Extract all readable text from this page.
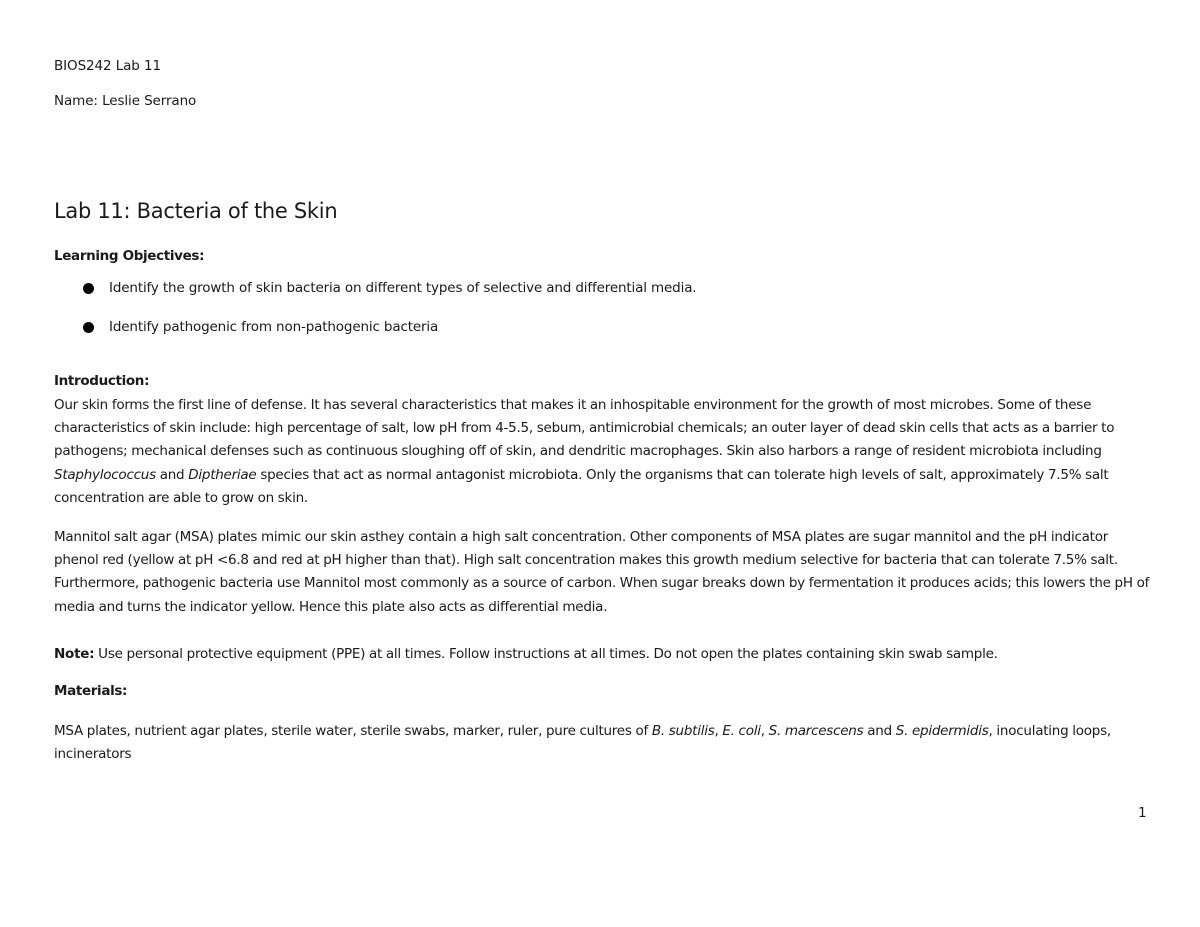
BIOS242 Lab 11
Name: Leslie Serrano
Lab 11: Bacteria of the Skin
Learning Objectives:
Identify the growth of skin bacteria on different types of selective and differential media.
Identify pathogenic from non-pathogenic bacteria
Introduction:
Our skin forms the first line of defense. It has several characteristics that makes it an inhospitable environment for the growth of most microbes. Some of these characteristics of skin include: high percentage of salt, low pH from 4-5.5, sebum, antimicrobial chemicals; an outer layer of dead skin cells that acts as a barrier to pathogens; mechanical defenses such as continuous sloughing off of skin, and dendritic macrophages. Skin also harbors a range of resident microbiota including Staphylococcus and Diptheriae species that act as normal antagonist microbiota. Only the organisms that can tolerate high levels of salt, approximately 7.5% salt concentration are able to grow on skin.
Mannitol salt agar (MSA) plates mimic our skin asthey contain a high salt concentration. Other components of MSA plates are sugar mannitol and the pH indicator phenol red (yellow at pH <6.8 and red at pH higher than that). High salt concentration makes this growth medium selective for bacteria that can tolerate 7.5% salt. Furthermore, pathogenic bacteria use Mannitol most commonly as a source of carbon. When sugar breaks down by fermentation it produces acids; this lowers the pH of media and turns the indicator yellow. Hence this plate also acts as differential media.
Note: Use personal protective equipment (PPE) at all times. Follow instructions at all times. Do not open the plates containing skin swab sample.
Materials:
MSA plates, nutrient agar plates, sterile water, sterile swabs, marker, ruler, pure cultures of B. subtilis, E. coli, S. marcescens and S. epidermidis, inoculating loops, incinerators
1
